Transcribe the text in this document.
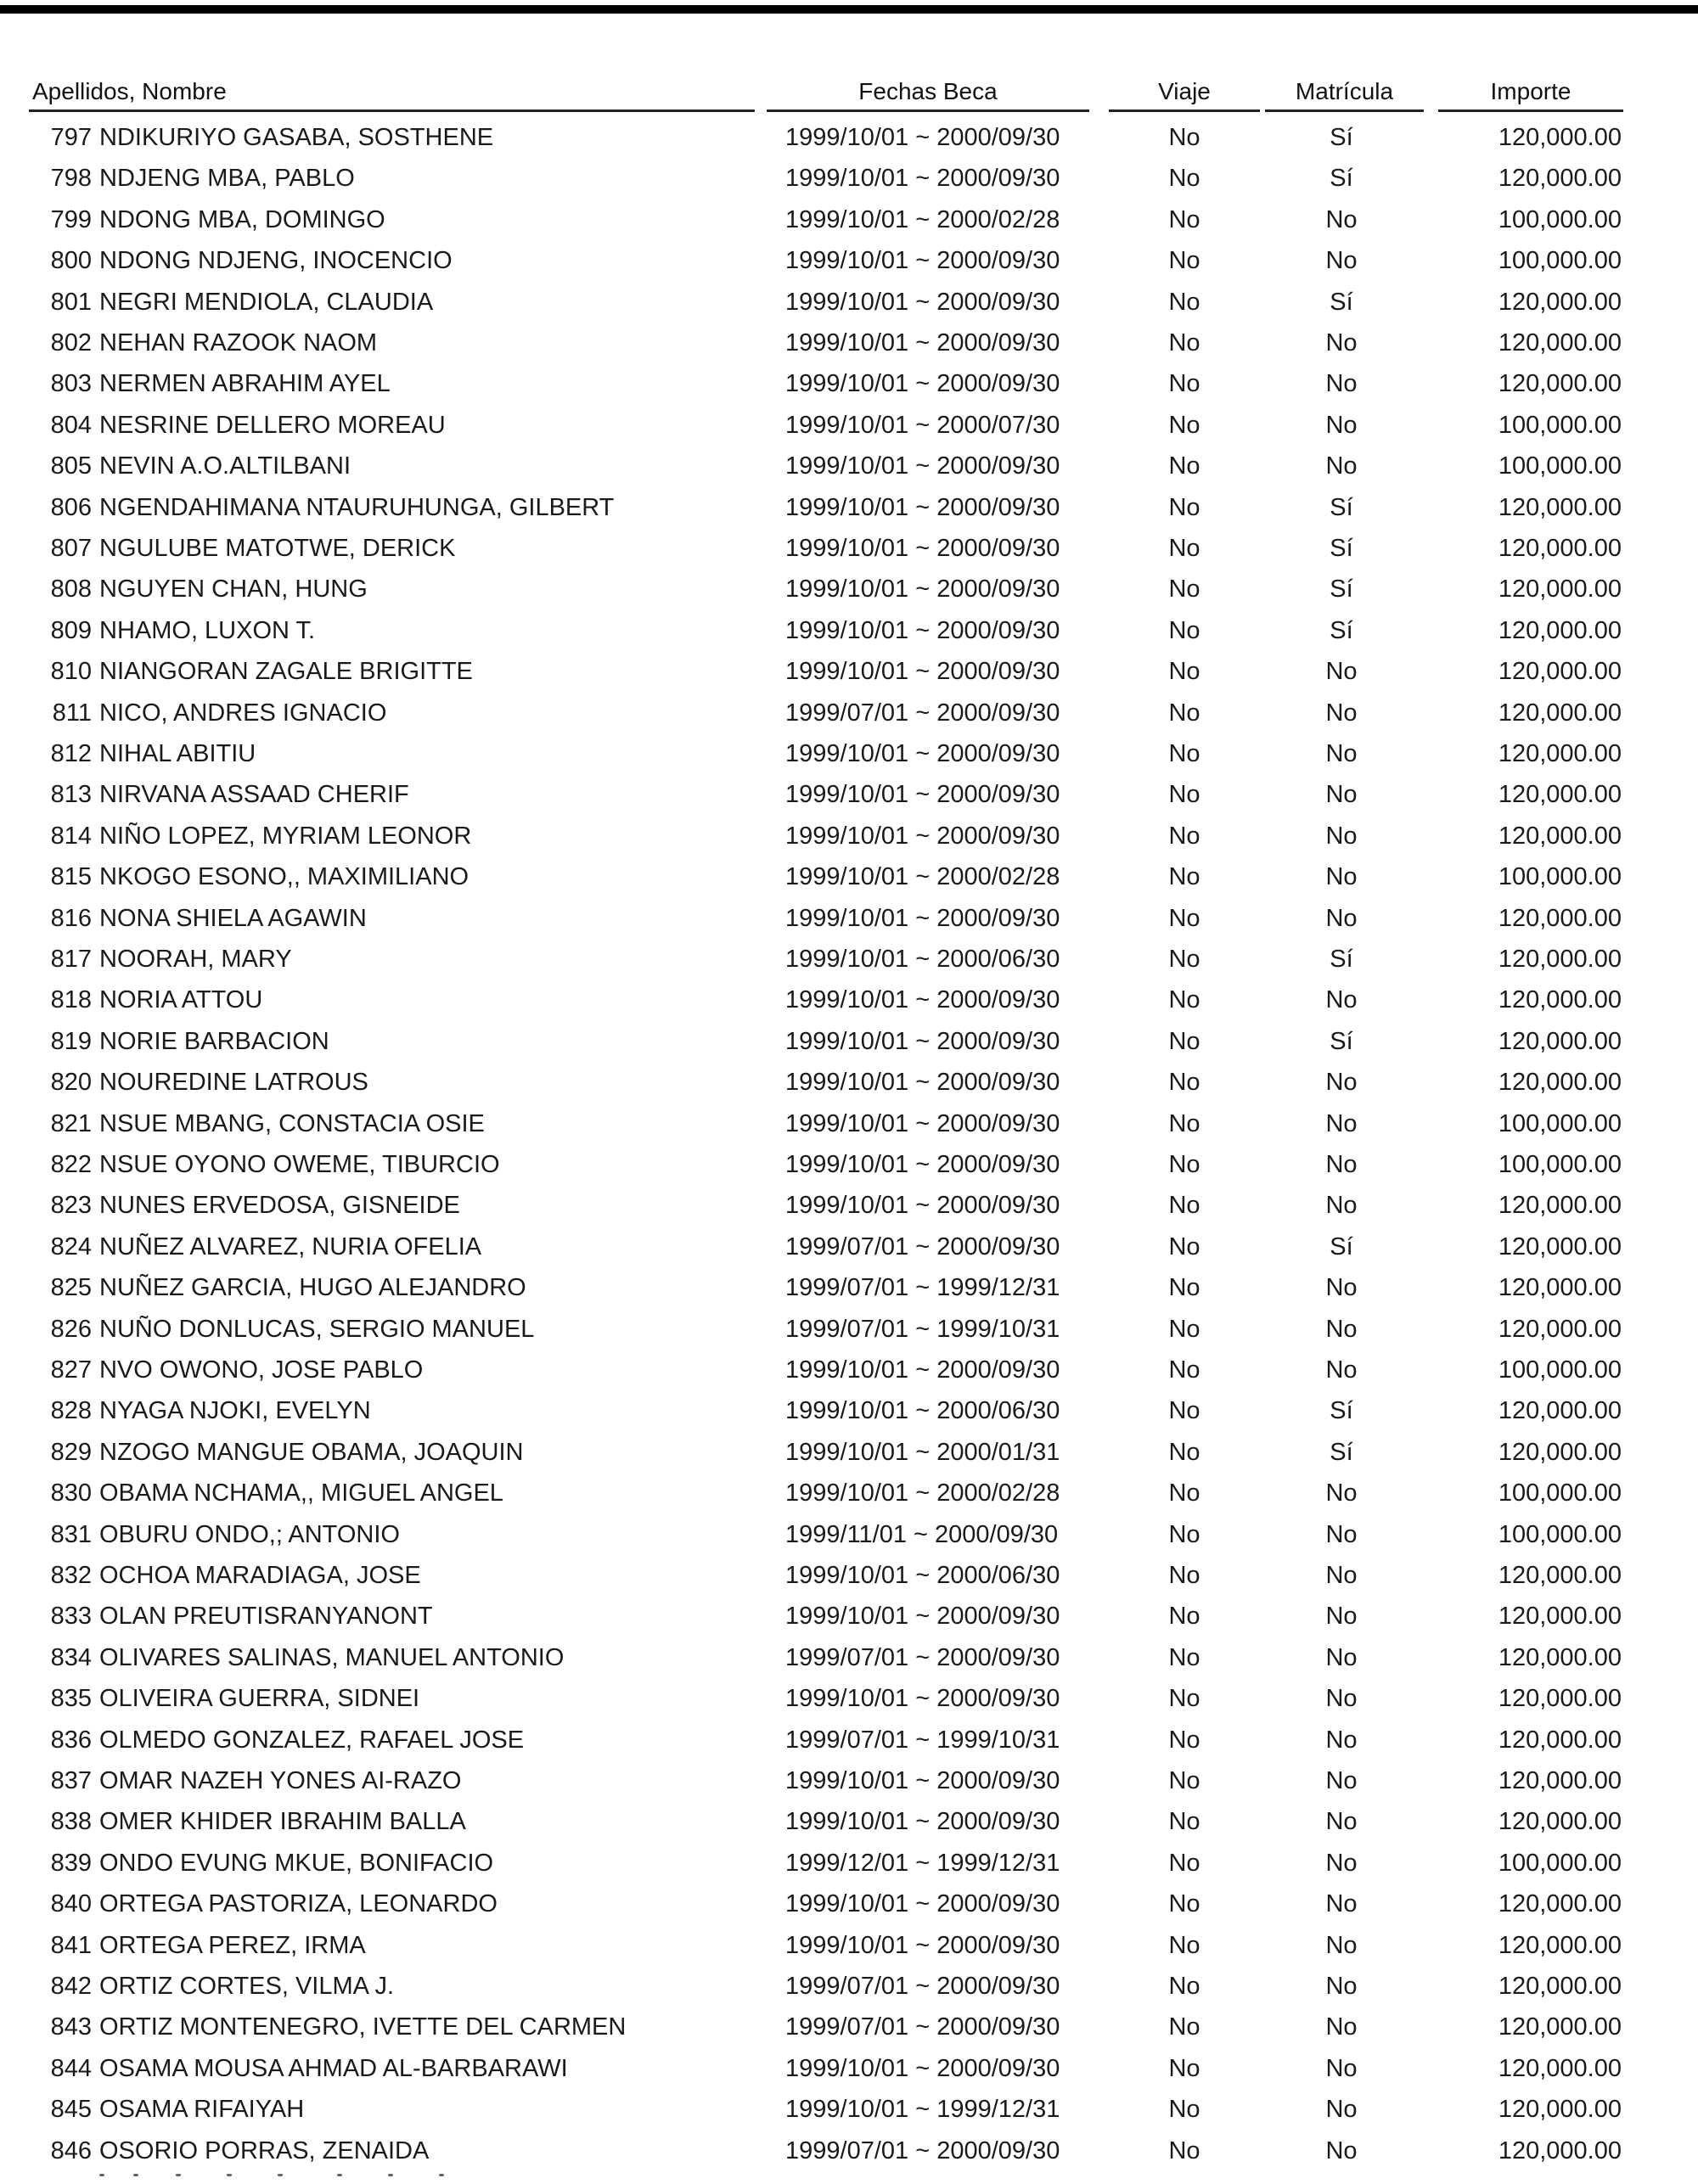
Apellidos, Nombre	Fechas Beca	Viaje	Matrícula	Importe
797 NDIKURIYO GASABA, SOSTHENE	1999/10/01 ~ 2000/09/30	No	Sí	120,000.00
798 NDJENG MBA, PABLO	1999/10/01 ~ 2000/09/30	No	Sí	120,000.00
799 NDONG MBA, DOMINGO	1999/10/01 ~ 2000/02/28	No	No	100,000.00
800 NDONG NDJENG, INOCENCIO	1999/10/01 ~ 2000/09/30	No	No	100,000.00
801 NEGRI MENDIOLA, CLAUDIA	1999/10/01 ~ 2000/09/30	No	Sí	120,000.00
802 NEHAN RAZOOK NAOM	1999/10/01 ~ 2000/09/30	No	No	120,000.00
803 NERMEN ABRAHIM AYEL	1999/10/01 ~ 2000/09/30	No	No	120,000.00
804 NESRINE DELLERO MOREAU	1999/10/01 ~ 2000/07/30	No	No	100,000.00
805 NEVIN A.O.ALTILBANI	1999/10/01 ~ 2000/09/30	No	No	100,000.00
806 NGENDAHIMANA NTAURUHUNGA, GILBERT	1999/10/01 ~ 2000/09/30	No	Sí	120,000.00
807 NGULUBE MATOTWE, DERICK	1999/10/01 ~ 2000/09/30	No	Sí	120,000.00
808 NGUYEN CHAN, HUNG	1999/10/01 ~ 2000/09/30	No	Sí	120,000.00
809 NHAMO, LUXON T.	1999/10/01 ~ 2000/09/30	No	Sí	120,000.00
810 NIANGORAN ZAGALE BRIGITTE	1999/10/01 ~ 2000/09/30	No	No	120,000.00
811 NICO, ANDRES IGNACIO	1999/07/01 ~ 2000/09/30	No	No	120,000.00
812 NIHAL ABITIU	1999/10/01 ~ 2000/09/30	No	No	120,000.00
813 NIRVANA ASSAAD CHERIF	1999/10/01 ~ 2000/09/30	No	No	120,000.00
814 NIÑO LOPEZ, MYRIAM LEONOR	1999/10/01 ~ 2000/09/30	No	No	120,000.00
815 NKOGO ESONO,, MAXIMILIANO	1999/10/01 ~ 2000/02/28	No	No	100,000.00
816 NONA SHIELA AGAWIN	1999/10/01 ~ 2000/09/30	No	No	120,000.00
817 NOORAH, MARY	1999/10/01 ~ 2000/06/30	No	Sí	120,000.00
818 NORIA ATTOU	1999/10/01 ~ 2000/09/30	No	No	120,000.00
819 NORIE BARBACION	1999/10/01 ~ 2000/09/30	No	Sí	120,000.00
820 NOUREDINE LATROUS	1999/10/01 ~ 2000/09/30	No	No	120,000.00
821 NSUE MBANG, CONSTACIA OSIE	1999/10/01 ~ 2000/09/30	No	No	100,000.00
822 NSUE OYONO OWEME, TIBURCIO	1999/10/01 ~ 2000/09/30	No	No	100,000.00
823 NUNES ERVEDOSA, GISNEIDE	1999/10/01 ~ 2000/09/30	No	No	120,000.00
824 NUÑEZ ALVAREZ, NURIA OFELIA	1999/07/01 ~ 2000/09/30	No	Sí	120,000.00
825 NUÑEZ GARCIA, HUGO ALEJANDRO	1999/07/01 ~ 1999/12/31	No	No	120,000.00
826 NUÑO DONLUCAS, SERGIO MANUEL	1999/07/01 ~ 1999/10/31	No	No	120,000.00
827 NVO OWONO, JOSE PABLO	1999/10/01 ~ 2000/09/30	No	No	100,000.00
828 NYAGA NJOKI, EVELYN	1999/10/01 ~ 2000/06/30	No	Sí	120,000.00
829 NZOGO MANGUE OBAMA, JOAQUIN	1999/10/01 ~ 2000/01/31	No	Sí	120,000.00
830 OBAMA NCHAMA,, MIGUEL ANGEL	1999/10/01 ~ 2000/02/28	No	No	100,000.00
831 OBURU ONDO,; ANTONIO	1999/11/01 ~ 2000/09/30	No	No	100,000.00
832 OCHOA MARADIAGA, JOSE	1999/10/01 ~ 2000/06/30	No	No	120,000.00
833 OLAN PREUTISRANYANONT	1999/10/01 ~ 2000/09/30	No	No	120,000.00
834 OLIVARES SALINAS, MANUEL ANTONIO	1999/07/01 ~ 2000/09/30	No	No	120,000.00
835 OLIVEIRA GUERRA, SIDNEI	1999/10/01 ~ 2000/09/30	No	No	120,000.00
836 OLMEDO GONZALEZ, RAFAEL JOSE	1999/07/01 ~ 1999/10/31	No	No	120,000.00
837 OMAR NAZEH YONES AI-RAZO	1999/10/01 ~ 2000/09/30	No	No	120,000.00
838 OMER KHIDER IBRAHIM BALLA	1999/10/01 ~ 2000/09/30	No	No	120,000.00
839 ONDO EVUNG MKUE, BONIFACIO	1999/12/01 ~ 1999/12/31	No	No	100,000.00
840 ORTEGA PASTORIZA, LEONARDO	1999/10/01 ~ 2000/09/30	No	No	120,000.00
841 ORTEGA PEREZ, IRMA	1999/10/01 ~ 2000/09/30	No	No	120,000.00
842 ORTIZ CORTES, VILMA J.	1999/07/01 ~ 2000/09/30	No	No	120,000.00
843 ORTIZ MONTENEGRO, IVETTE DEL CARMEN	1999/07/01 ~ 2000/09/30	No	No	120,000.00
844 OSAMA MOUSA AHMAD AL-BARBARAWI	1999/10/01 ~ 2000/09/30	No	No	120,000.00
845 OSAMA RIFAIYAH	1999/10/01 ~ 1999/12/31	No	No	120,000.00
846 OSORIO PORRAS, ZENAIDA	1999/07/01 ~ 2000/09/30	No	No	120,000.00
